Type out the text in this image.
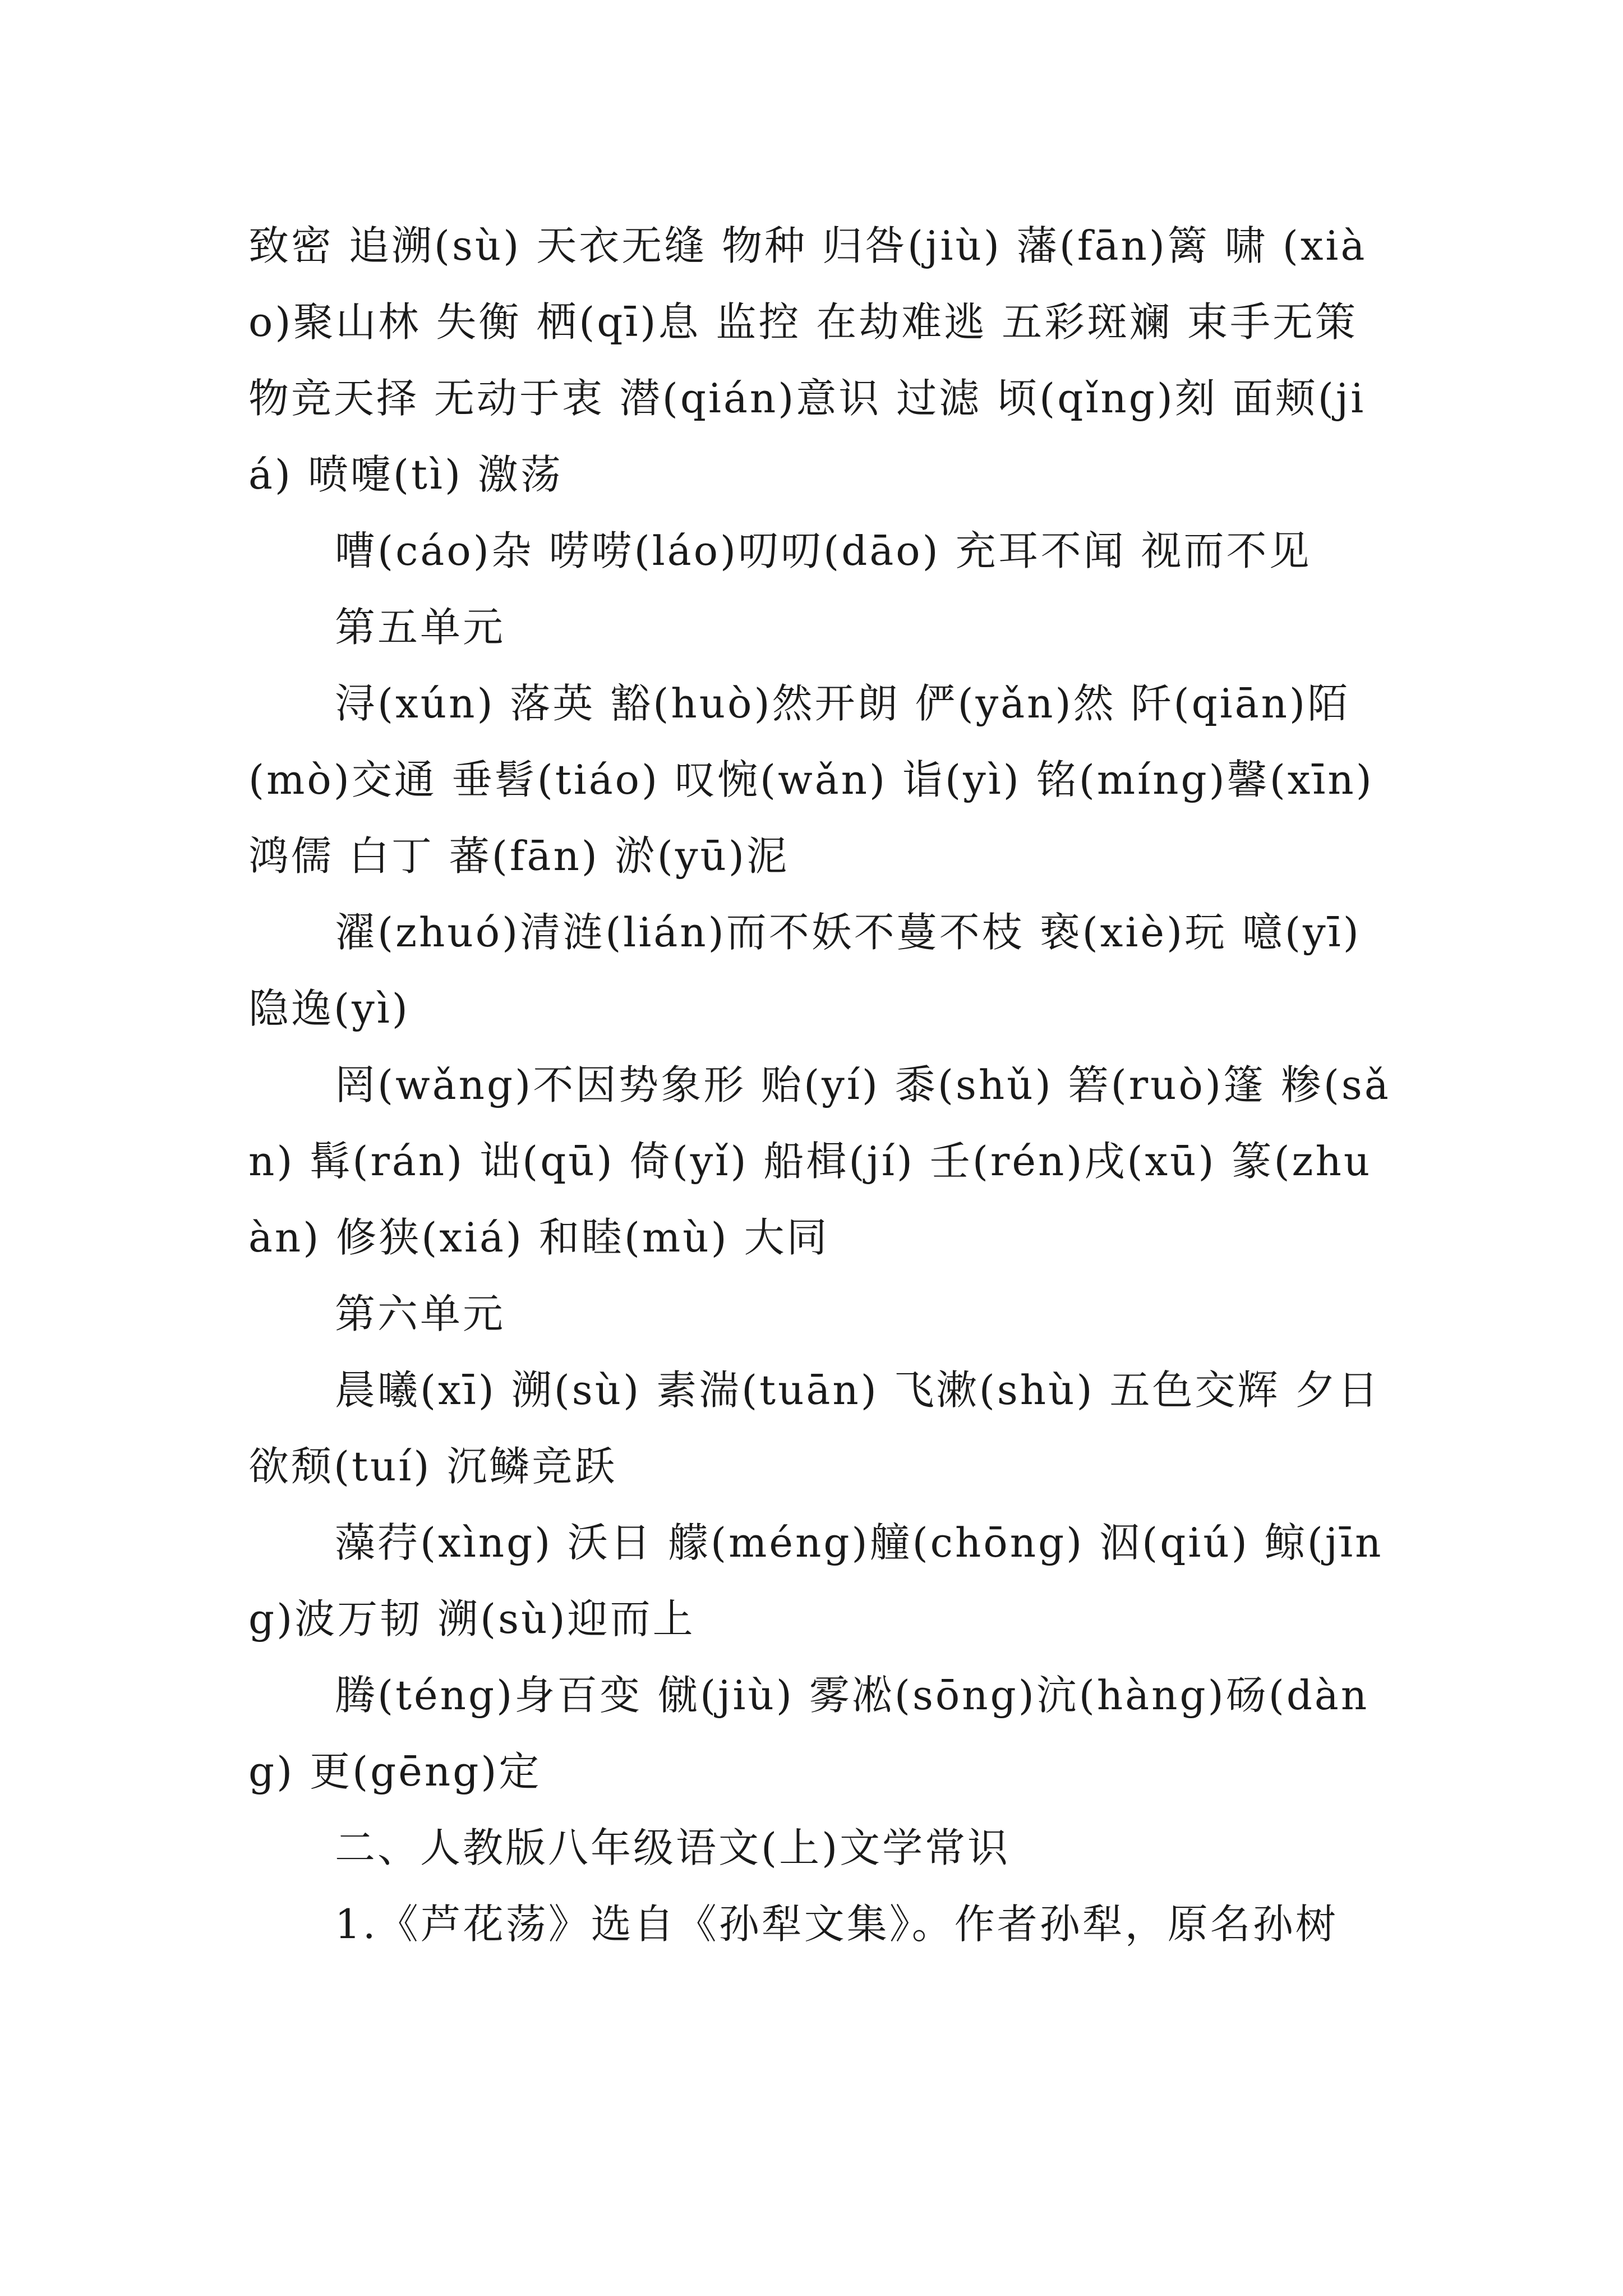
致密 追溯(sù) 天衣无缝 物种 归咎(jiù) 藩(fān)篱 啸 (xiào)聚山林 失衡 栖(qī)息 监控 在劫难逃 五彩斑斓 束手无策 物竞天择 无动于衷 潜(qián)意识 过滤 顷(qǐng)刻 面颊(jiá) 喷嚏(tì) 激荡

嘈(cáo)杂 唠唠(láo)叨叨(dāo) 充耳不闻 视而不见

第五单元

浔(xún) 落英 豁(huò)然开朗 俨(yǎn)然 阡(qiān)陌(mò)交通 垂髫(tiáo) 叹惋(wǎn) 诣(yì) 铭(míng)馨(xīn) 鸿儒 白丁 蕃(fān) 淤(yū)泥

濯(zhuó)清涟(lián)而不妖不蔓不枝 亵(xiè)玩 噫(yī) 隐逸(yì)

罔(wǎng)不因势象形 贻(yí) 黍(shǔ) 箬(ruò)篷 糁(sǎn) 髯(rán) 诎(qū) 倚(yǐ) 船楫(jí) 壬(rén)戌(xū) 篆(zhuàn) 修狭(xiá) 和睦(mù) 大同

第六单元

晨曦(xī) 溯(sù) 素湍(tuān) 飞漱(shù) 五色交辉 夕日欲颓(tuí) 沉鳞竞跃

藻荇(xìng) 沃日 艨(méng)艟(chōng) 泅(qiú) 鲸(jīng)波万韧 溯(sù)迎而上

腾(téng)身百变 僦(jiù) 雾凇(sōng)沆(hàng)砀(dàng) 更(gēng)定

二、人教版八年级语文(上)文学常识

1.《芦花荡》选自《孙犁文集》。作者孙犁，原名孙树
